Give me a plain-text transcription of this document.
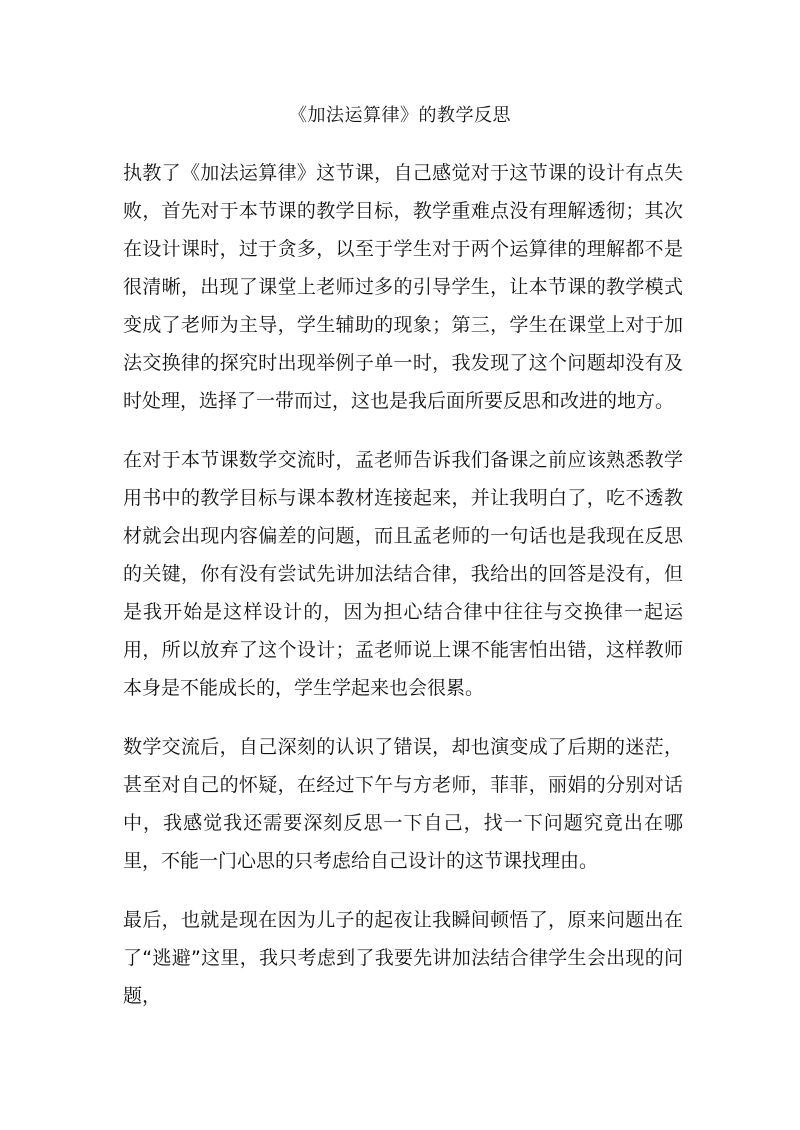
《加法运算律》的教学反思

执教了《加法运算律》这节课，自己感觉对于这节课的设计有点失败，首先对于本节课的教学目标，教学重难点没有理解透彻；其次在设计课时，过于贪多，以至于学生对于两个运算律的理解都不是很清晰，出现了课堂上老师过多的引导学生，让本节课的教学模式变成了老师为主导，学生辅助的现象；第三，学生在课堂上对于加法交换律的探究时出现举例子单一时，我发现了这个问题却没有及时处理，选择了一带而过，这也是我后面所要反思和改进的地方。

在对于本节课数学交流时，孟老师告诉我们备课之前应该熟悉教学用书中的教学目标与课本教材连接起来，并让我明白了，吃不透教材就会出现内容偏差的问题，而且孟老师的一句话也是我现在反思的关键，你有没有尝试先讲加法结合律，我给出的回答是没有，但是我开始是这样设计的，因为担心结合律中往往与交换律一起运用，所以放弃了这个设计；孟老师说上课不能害怕出错，这样教师本身是不能成长的，学生学起来也会很累。

数学交流后，自己深刻的认识了错误，却也演变成了后期的迷茫，甚至对自己的怀疑，在经过下午与方老师，菲菲，丽娟的分别对话中，我感觉我还需要深刻反思一下自己，找一下问题究竟出在哪里，不能一门心思的只考虑给自己设计的这节课找理由。

最后，也就是现在因为儿子的起夜让我瞬间顿悟了，原来问题出在了“逃避”这里，我只考虑到了我要先讲加法结合律学生会出现的问题，
